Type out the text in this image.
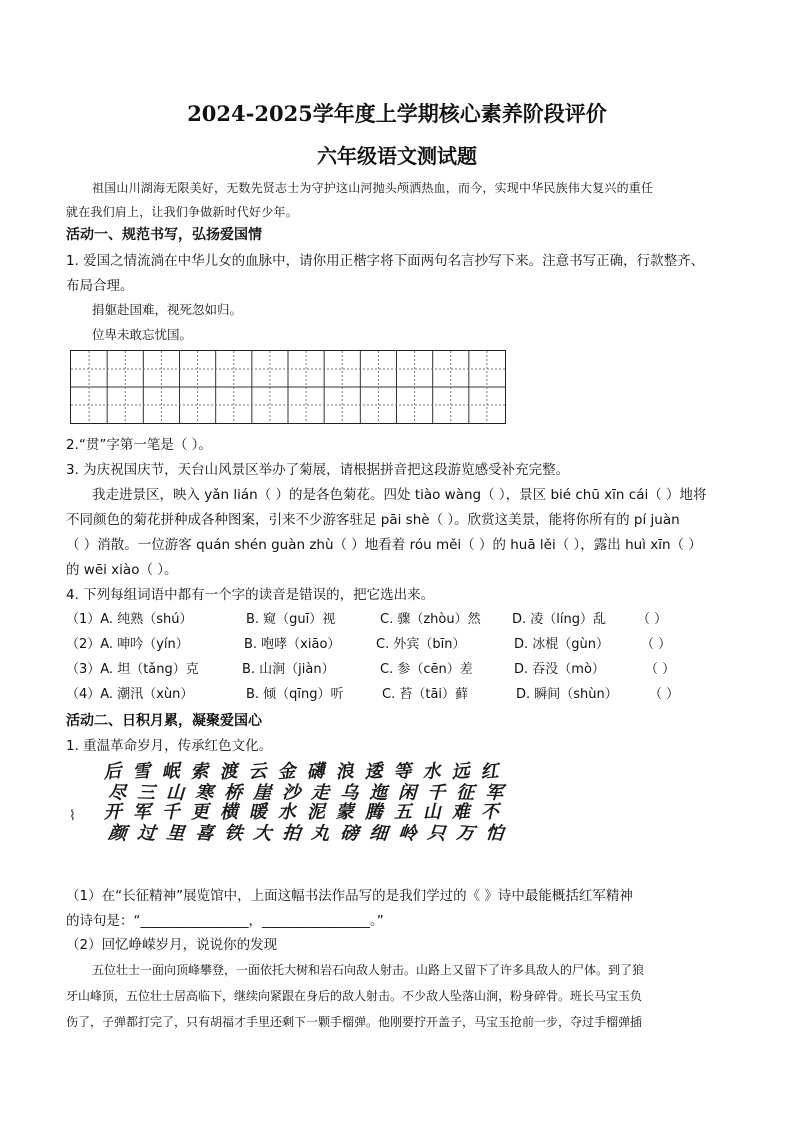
2024-2025学年度上学期核心素养阶段评价
六年级语文测试题
祖国山川湖海无限美好，无数先贤志士为守护这山河抛头颅洒热血，而今，实现中华民族伟大复兴的重任
就在我们肩上，让我们争做新时代好少年。
活动一、规范书写，弘扬爱国情
1. 爱国之情流淌在中华儿女的血脉中，请你用正楷字将下面两句名言抄写下来。注意书写正确，行款整齐、
布局合理。
捐躯赴国难，视死忽如归。
位卑未敢忘忧国。
2.“贯”字第一笔是（ ）。
3. 为庆祝国庆节，天台山风景区举办了菊展，请根据拼音把这段游览感受补充完整。
我走进景区，映入 yǎn lián（ ）的是各色菊花。四处 tiào wàng（ ），景区 bié chū xīn cái（ ）地将
不同颜色的菊花拼种成各种图案，引来不少游客驻足 pāi shè（ ）。欣赏这美景，能将你所有的 pí juàn
（ ）消散。一位游客 quán shén guàn zhù（ ）地看着 róu měi（ ）的 huā lěi（ ），露出 huì xīn（ ）
的 wēi xiào（ ）。
4. 下列每组词语中都有一个字的读音是错误的，把它选出来。
（1）A. 纯熟（shú）	B. 窥（guī）视	C. 骤（zhòu）然 D. 凌（líng）乱 （ ）
（2）A. 呻吟（yín）	B. 咆哮（xiāo）	C. 外宾（bīn）	D. 冰棍（gùn） （ ）
（3）A. 坦（tǎng）克	B. 山涧（jiàn）	C. 参（cēn）差	D. 吞没（mò）	（ ）
（4）A. 潮汛（xùn）	B. 倾（qīng）听	C. 苔（tāi）藓	D. 瞬间（shùn） （ ）
活动二、日积月累，凝聚爱国心
1. 重温革命岁月，传承红色文化。
红
军
不
怕
远
征
难
万
水
千
山
只
等
闲
五
岭
逶
迤
腾
细
浪
乌
蒙
磅
礴
走
泥
丸
金
沙
水
拍
云
崖
暖
大
渡
桥
横
铁
索
寒
更
喜
岷
山
千
里
雪
三
军
过
后
尽
开
颜
⌇
（1）在“长征精神”展览馆中，上面这幅书法作品写的是我们学过的《 》诗中最能概括红军精神
的诗句是：“________________，________________。”
（2）回忆峥嵘岁月，说说你的发现
五位壮士一面向顶峰攀登，一面依托大树和岩石向敌人射击。山路上又留下了许多具敌人的尸体。到了狼
牙山峰顶，五位壮士居高临下，继续向紧跟在身后的敌人射击。不少敌人坠落山涧，粉身碎骨。班长马宝玉负
伤了，子弹都打完了，只有胡福才手里还剩下一颗手榴弹。他刚要拧开盖子，马宝玉抢前一步，夺过手榴弹插
